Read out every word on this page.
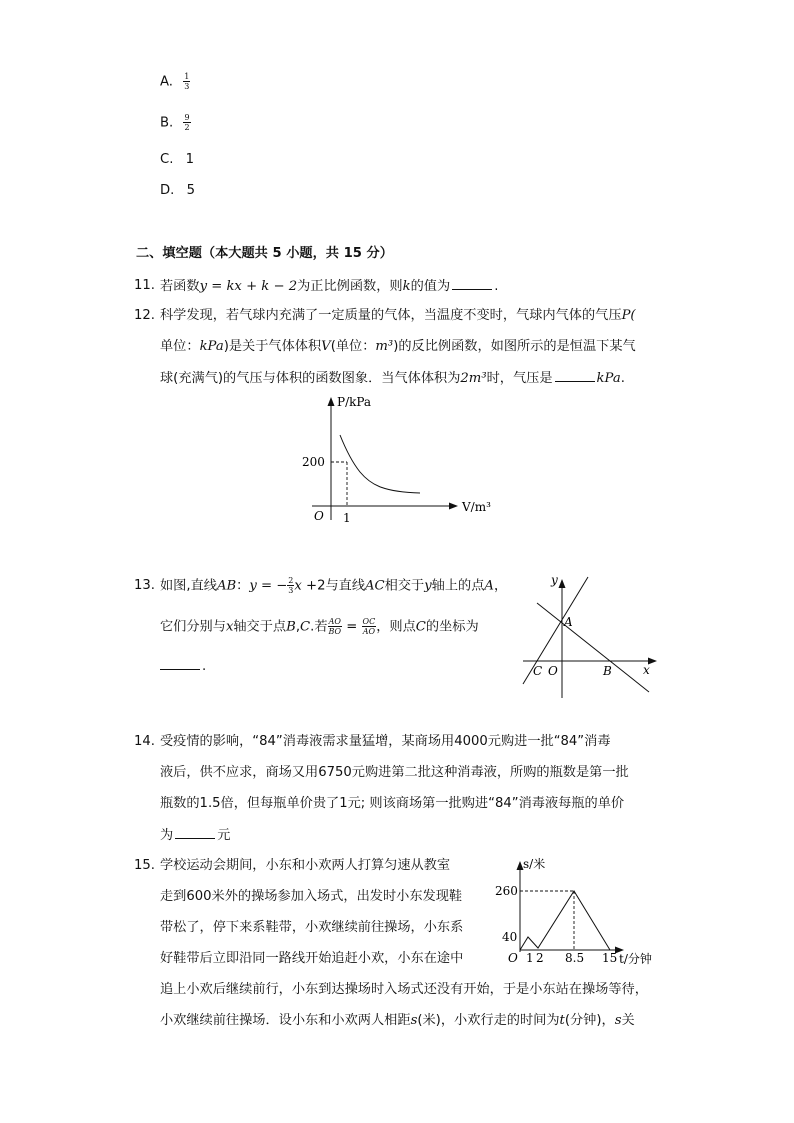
A. $\frac{1}{3}$
B. $\frac{9}{2}$
C. 1
D. 5
二、填空题（本大题共 5 小题，共 15 分）
11. 若函数y = kx + k − 2为正比例函数，则k的值为	.
12. 科学发现，若气球内充满了一定质量的气体，当温度不变时，气球内气体的气压P(
单位：kPa)是关于气体体积V(单位：m³)的反比例函数，如图所示的是恒温下某气
球(充满气)的气压与体积的函数图象．当气体体积为2m³时，气压是	kPa.
P/kPa
V/m³
200
1
O
13. 如图,直线AB：y = − $\frac{2}{3}$ x +2与直线AC相交于y轴上的点A，
它们分别与x轴交于点B,C.若 $\frac{AO}{BO} = \frac{OC}{AO}$ ，则点C的坐标为
.
y
x
A
B
C O
14. 受疫情的影响，“84”消毒液需求量猛增，某商场用4000元购进一批“84”消毒
液后，供不应求，商场又用6750元购进第二批这种消毒液，所购的瓶数是第一批
瓶数的1.5倍，但每瓶单价贵了1元; 则该商场第一批购进“84”消毒液每瓶的单价
为	元
15. 学校运动会期间，小东和小欢两人打算匀速从教室
走到600米外的操场参加入场式，出发时小东发现鞋
带松了，停下来系鞋带，小欢继续前往操场，小东系
好鞋带后立即沿同一路线开始追赶小欢，小东在途中
追上小欢后继续前行，小东到达操场时入场式还没有开始，于是小东站在操场等待，
小欢继续前往操场．设小东和小欢两人相距s(米)，小欢行走的时间为t(分钟)，s关
s/米
t/分钟
260
40
O 1 2 8.5 15
